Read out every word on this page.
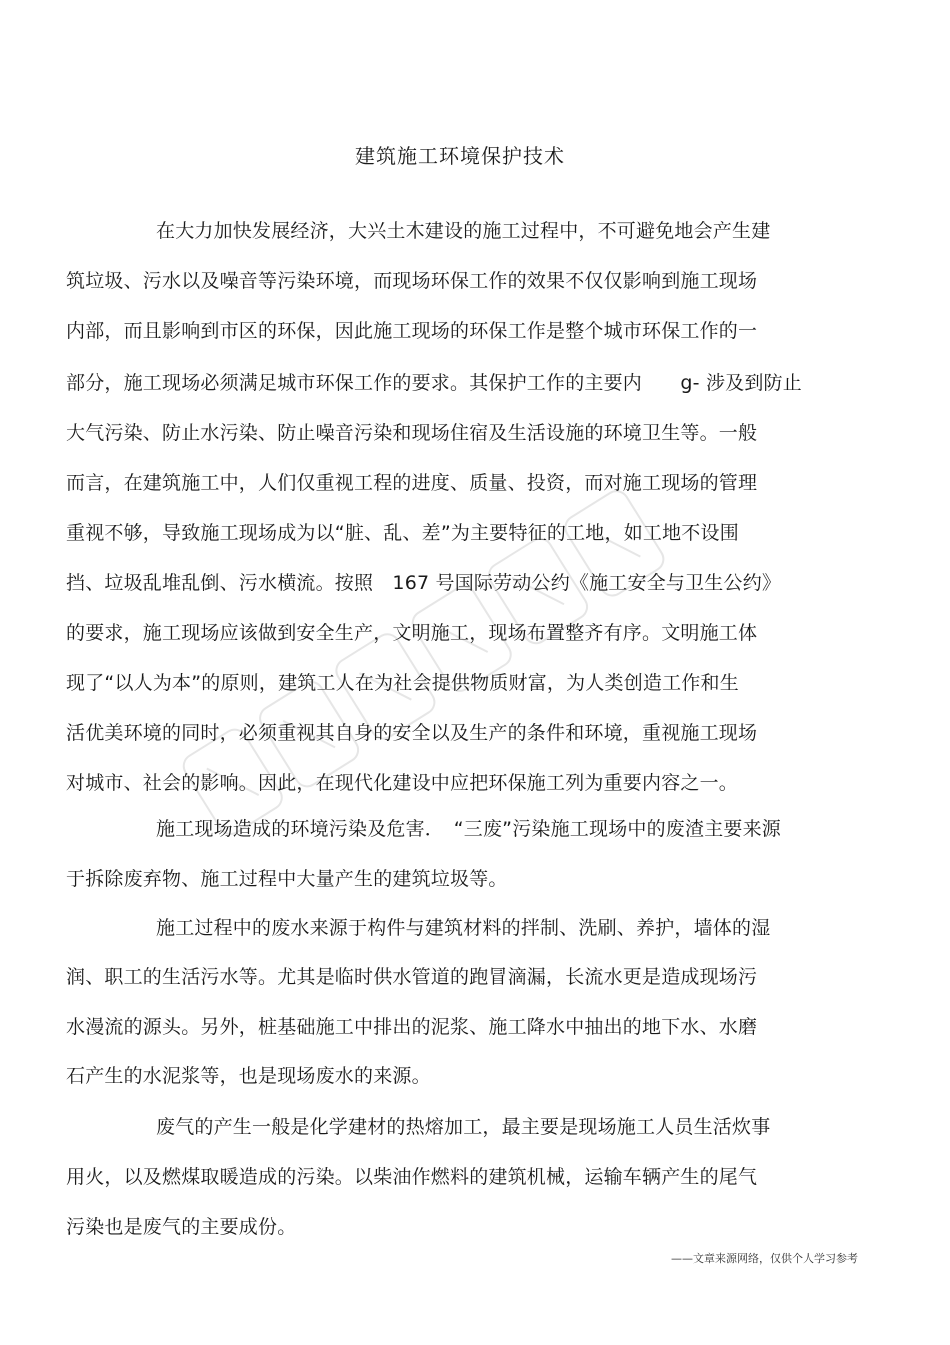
建筑施工环境保护技术
在大力加快发展经济，大兴土木建设的施工过程中，不可避免地会产生建
筑垃圾、污水以及噪音等污染环境，而现场环保工作的效果不仅仅影响到施工现场
内部，而且影响到市区的环保，因此施工现场的环保工作是整个城市环保工作的一
部分，施工现场必须满足城市环保工作的要求。其保护工作的主要内　　g- 涉及到防止
大气污染、防止水污染、防止噪音污染和现场住宿及生活设施的环境卫生等。一般
而言，在建筑施工中，人们仅重视工程的进度、质量、投资，而对施工现场的管理
重视不够，导致施工现场成为以“脏、乱、差”为主要特征的工地，如工地不设围
挡、垃圾乱堆乱倒、污水横流。按照　167 号国际劳动公约《施工安全与卫生公约》
的要求，施工现场应该做到安全生产，文明施工，现场布置整齐有序。文明施工体
现了“以人为本”的原则，建筑工人在为社会提供物质财富，为人类创造工作和生
活优美环境的同时，必须重视其自身的安全以及生产的条件和环境，重视施工现场
对城市、社会的影响。因此，在现代化建设中应把环保施工列为重要内容之一。
施工现场造成的环境污染及危害．　“三废”污染施工现场中的废渣主要来源
于拆除废弃物、施工过程中大量产生的建筑垃圾等。
施工过程中的废水来源于构件与建筑材料的拌制、洗刷、养护，墙体的湿
润、职工的生活污水等。尤其是临时供水管道的跑冒滴漏，长流水更是造成现场污
水漫流的源头。另外，桩基础施工中排出的泥浆、施工降水中抽出的地下水、水磨
石产生的水泥浆等，也是现场废水的来源。
废气的产生一般是化学建材的热熔加工，最主要是现场施工人员生活炊事
用火，以及燃煤取暖造成的污染。以柴油作燃料的建筑机械，运输车辆产生的尾气
污染也是废气的主要成份。
——文章来源网络，仅供个人学习参考
